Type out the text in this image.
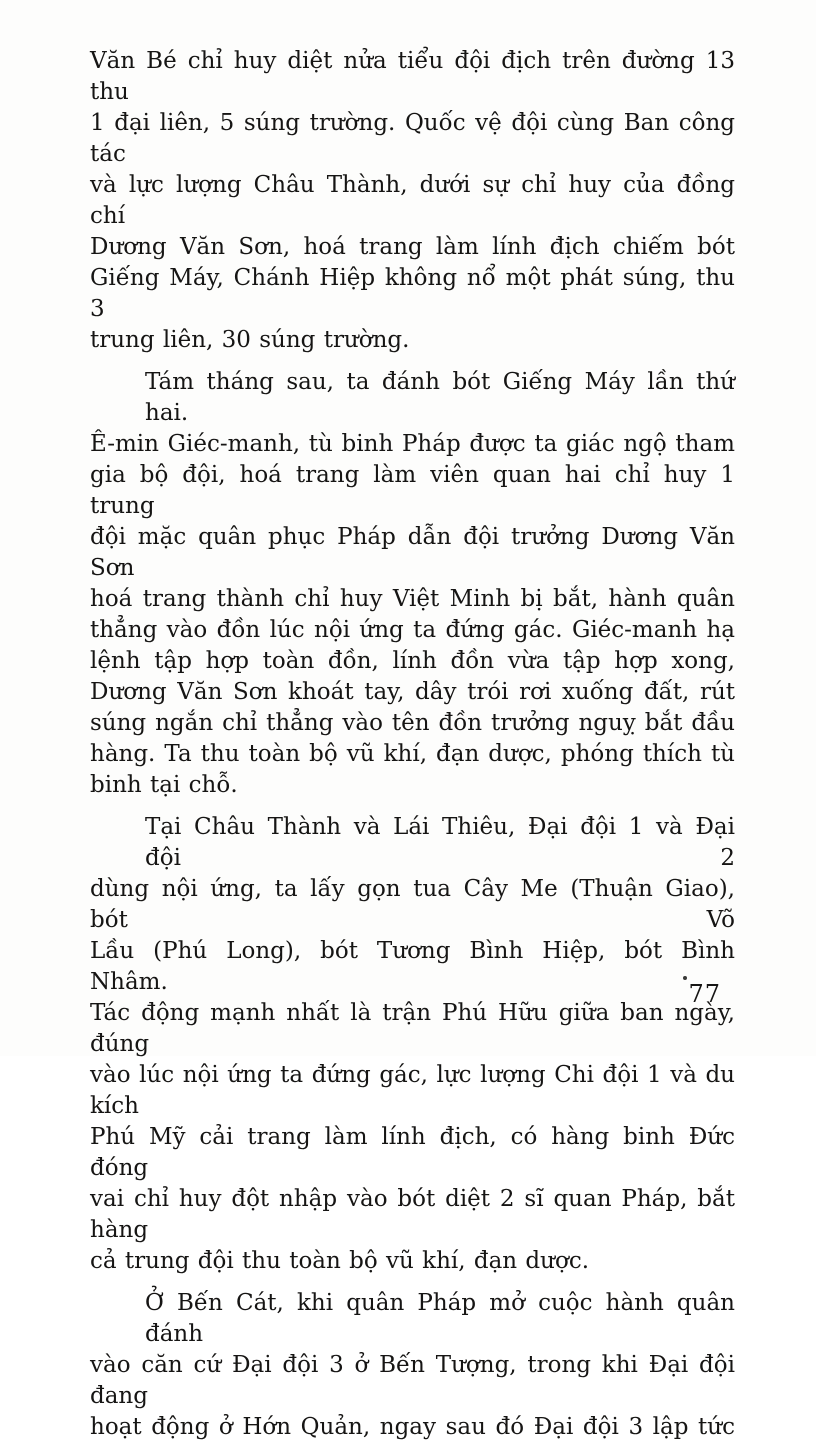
Văn Bé chỉ huy diệt nửa tiểu đội địch trên đường 13 thu
1 đại liên, 5 súng trường. Quốc vệ đội cùng Ban công tác
và lực lượng Châu Thành, dưới sự chỉ huy của đồng chí
Dương Văn Sơn, hoá trang làm lính địch chiếm bót
Giếng Máy, Chánh Hiệp không nổ một phát súng, thu 3
trung liên, 30 súng trường.
Tám tháng sau, ta đánh bót Giếng Máy lần thứ hai.
Ê-min Giéc-manh, tù binh Pháp được ta giác ngộ tham
gia bộ đội, hoá trang làm viên quan hai chỉ huy 1 trung
đội mặc quân phục Pháp dẫn đội trưởng Dương Văn Sơn
hoá trang thành chỉ huy Việt Minh bị bắt, hành quân
thẳng vào đồn lúc nội ứng ta đứng gác. Giéc-manh hạ
lệnh tập hợp toàn đồn, lính đồn vừa tập hợp xong,
Dương Văn Sơn khoát tay, dây trói rơi xuống đất, rút
súng ngắn chỉ thẳng vào tên đồn trưởng nguỵ bắt đầu
hàng. Ta thu toàn bộ vũ khí, đạn dược, phóng thích tù
binh tại chỗ.
Tại Châu Thành và Lái Thiêu, Đại đội 1 và Đại đội 2
dùng nội ứng, ta lấy gọn tua Cây Me (Thuận Giao), bót Võ
Lầu (Phú Long), bót Tương Bình Hiệp, bót Bình Nhâm.
Tác động mạnh nhất là trận Phú Hữu giữa ban ngày, đúng
vào lúc nội ứng ta đứng gác, lực lượng Chi đội 1 và du kích
Phú Mỹ cải trang làm lính địch, có hàng binh Đức đóng
vai chỉ huy đột nhập vào bót diệt 2 sĩ quan Pháp, bắt hàng
cả trung đội thu toàn bộ vũ khí, đạn dược.
Ở Bến Cát, khi quân Pháp mở cuộc hành quân đánh
vào căn cứ Đại đội 3 ở Bến Tượng, trong khi Đại đội đang
hoạt động ở Hớn Quản, ngay sau đó Đại đội 3 lập tức
77
